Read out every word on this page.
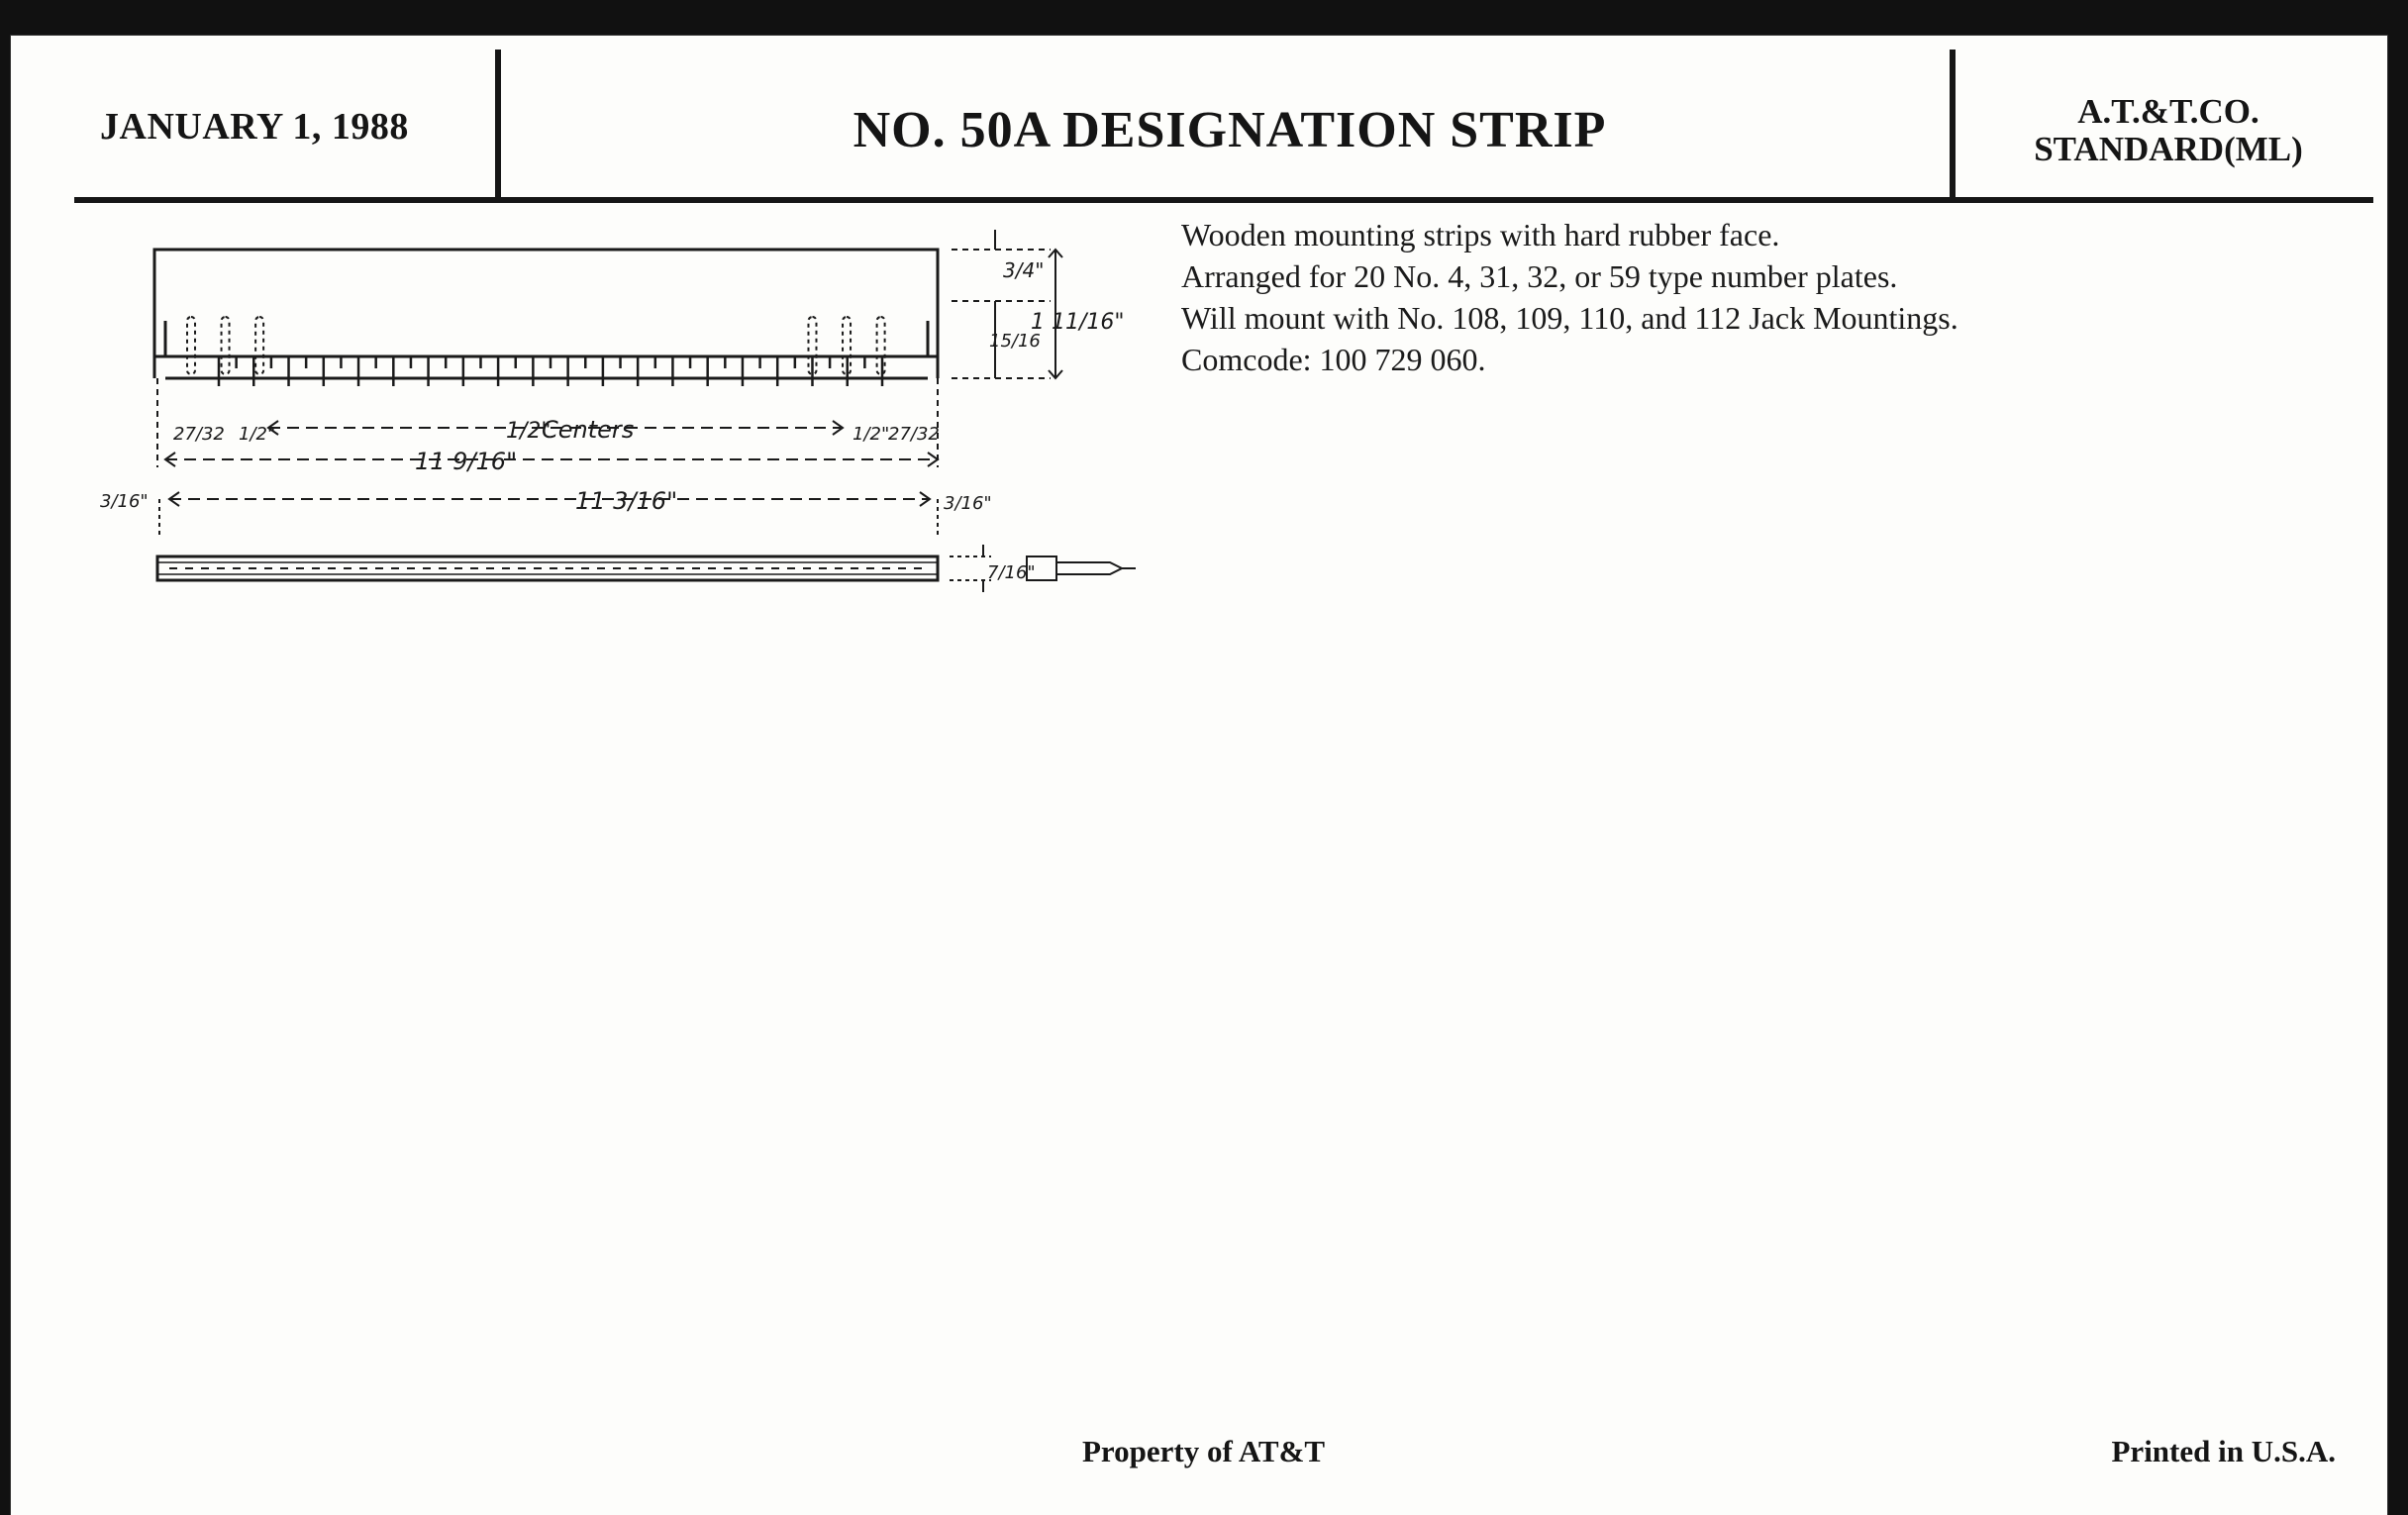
JANUARY 1, 1988	NO. 50A DESIGNATION STRIP	A.T.&T.CO.
STANDARD(ML)
3/4"
15/16
1 11/16"
27/32 1/2"	1/2"
Centers	1/2"
27/32
11 9/16"
11 3/16"
3/16"	3/16"
7/16"
Wooden mounting strips with hard rubber face.
Arranged for 20 No. 4, 31, 32, or 59 type number plates.
Will mount with No. 108, 109, 110, and 112 Jack Mountings.
Comcode: 100 729 060.
Property of AT&T	Printed in U.S.A.
